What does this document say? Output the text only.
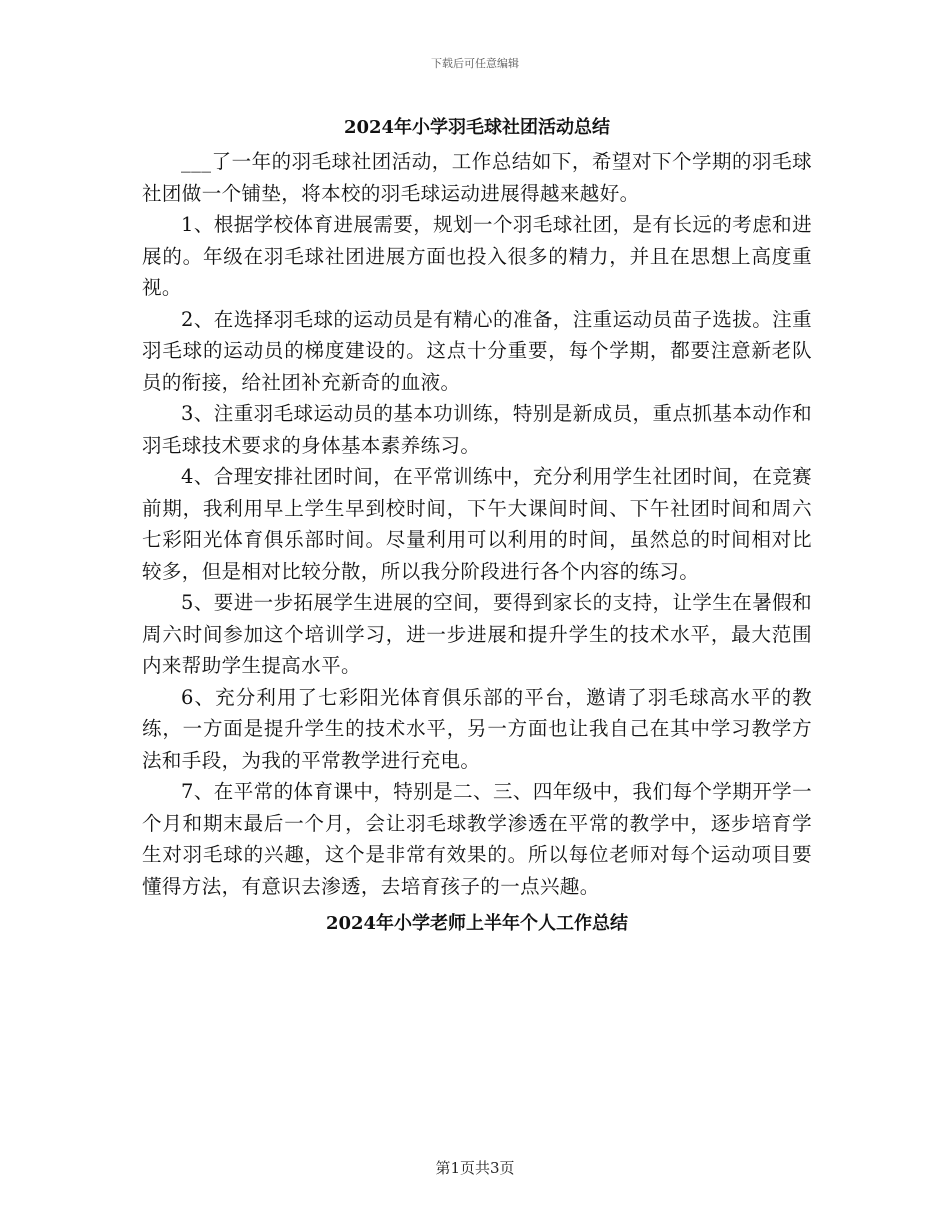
下载后可任意编辑
2024年小学羽毛球社团活动总结

___了一年的羽毛球社团活动，工作总结如下，希望对下个学期的羽毛球社团做一个铺垫，将本校的羽毛球运动进展得越来越好。

1、根据学校体育进展需要，规划一个羽毛球社团，是有长远的考虑和进展的。年级在羽毛球社团进展方面也投入很多的精力，并且在思想上高度重视。

2、在选择羽毛球的运动员是有精心的准备，注重运动员苗子选拔。注重羽毛球的运动员的梯度建设的。这点十分重要，每个学期，都要注意新老队员的衔接，给社团补充新奇的血液。

3、注重羽毛球运动员的基本功训练，特别是新成员，重点抓基本动作和羽毛球技术要求的身体基本素养练习。

4、合理安排社团时间，在平常训练中，充分利用学生社团时间，在竞赛前期，我利用早上学生早到校时间，下午大课间时间、下午社团时间和周六七彩阳光体育俱乐部时间。尽量利用可以利用的时间，虽然总的时间相对比较多，但是相对比较分散，所以我分阶段进行各个内容的练习。

5、要进一步拓展学生进展的空间，要得到家长的支持，让学生在暑假和周六时间参加这个培训学习，进一步进展和提升学生的技术水平，最大范围内来帮助学生提高水平。

6、充分利用了七彩阳光体育俱乐部的平台，邀请了羽毛球高水平的教练，一方面是提升学生的技术水平，另一方面也让我自己在其中学习教学方法和手段，为我的平常教学进行充电。

7、在平常的体育课中，特别是二、三、四年级中，我们每个学期开学一个月和期末最后一个月，会让羽毛球教学渗透在平常的教学中，逐步培育学生对羽毛球的兴趣，这个是非常有效果的。所以每位老师对每个运动项目要懂得方法，有意识去渗透，去培育孩子的一点兴趣。

2024年小学老师上半年个人工作总结
第1页共3页
